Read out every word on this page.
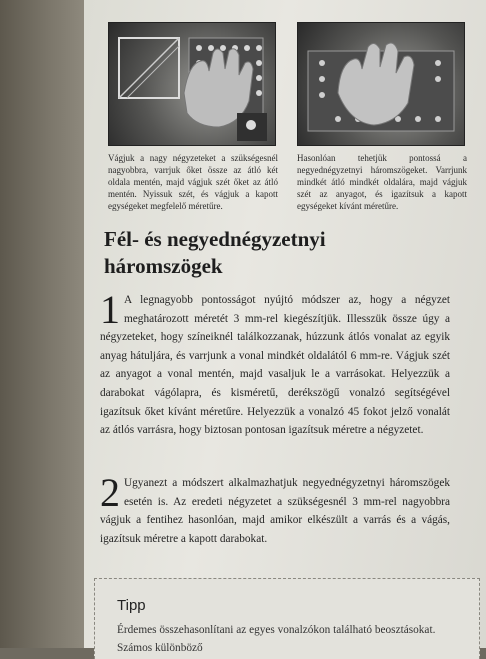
Vágjuk a nagy négyzeteket a szükségesnél nagyobbra, varrjuk őket össze az átló két oldala mentén, majd vágjuk szét őket az átló mentén. Nyissuk szét, és vágjuk a kapott egységeket megfelelő méretűre.
Hasonlóan tehetjük pontossá a negyednégyzetnyi háromszögeket. Varrjunk mindkét átló mindkét oldalára, majd vágjuk szét az anyagot, és igazítsuk a kapott egységeket kívánt méretűre.
Fél- és negyednégyzetnyi háromszögek
1 A legnagyobb pontosságot nyújtó módszer az, hogy a négyzet meghatározott méretét 3 mm-rel kiegészítjük. Illesszük össze úgy a négyzeteket, hogy színeiknél találkozzanak, húzzunk átlós vonalat az egyik anyag hátuljára, és varrjunk a vonal mindkét oldalától 6 mm-re. Vágjuk szét az anyagot a vonal mentén, majd vasaljuk le a varrásokat. Helyezzük a darabokat vágólapra, és kisméretű, derékszögű vonalzó segítségével igazítsuk őket kívánt méretűre. Helyezzük a vonalzó 45 fokot jelző vonalát az átlós varrásra, hogy biztosan pontosan igazítsuk méretre a négyzetet.
2 Ugyanezt a módszert alkalmazhatjuk negyednégyzetnyi háromszögek esetén is. Az eredeti négyzetet a szükségesnél 3 mm-rel nagyobbra vágjuk a fentihez hasonlóan, majd amikor elkészült a varrás és a vágás, igazítsuk méretre a kapott darabokat.
Tipp
Érdemes összehasonlítani az egyes vonalzókon található beosztásokat. Számos különböző
